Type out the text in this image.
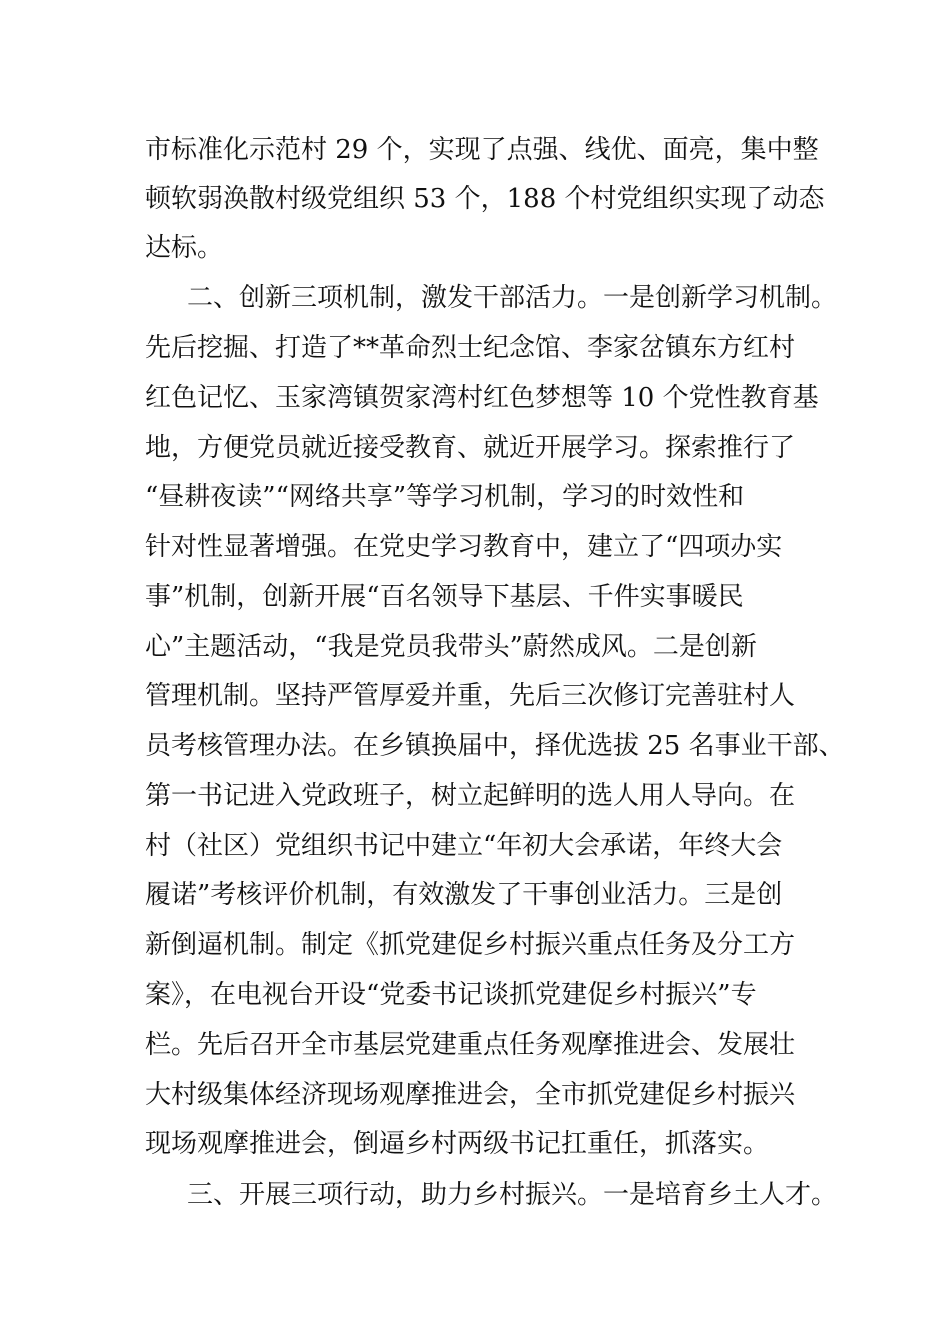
市标准化示范村 29 个，实现了点强、线优、面亮，集中整
顿软弱涣散村级党组织 53 个，188 个村党组织实现了动态
达标。
二、创新三项机制，激发干部活力。一是创新学习机制。
先后挖掘、打造了**革命烈士纪念馆、李家岔镇东方红村
红色记忆、玉家湾镇贺家湾村红色梦想等 10 个党性教育基
地，方便党员就近接受教育、就近开展学习。探索推行了
“昼耕夜读”“网络共享”等学习机制，学习的时效性和
针对性显著增强。在党史学习教育中，建立了“四项办实
事”机制，创新开展“百名领导下基层、千件实事暖民
心”主题活动，“我是党员我带头”蔚然成风。二是创新
管理机制。坚持严管厚爱并重，先后三次修订完善驻村人
员考核管理办法。在乡镇换届中，择优选拔 25 名事业干部、
第一书记进入党政班子，树立起鲜明的选人用人导向。在
村（社区）党组织书记中建立“年初大会承诺，年终大会
履诺”考核评价机制，有效激发了干事创业活力。三是创
新倒逼机制。制定《抓党建促乡村振兴重点任务及分工方
案》，在电视台开设“党委书记谈抓党建促乡村振兴”专
栏。先后召开全市基层党建重点任务观摩推进会、发展壮
大村级集体经济现场观摩推进会，全市抓党建促乡村振兴
现场观摩推进会，倒逼乡村两级书记扛重任，抓落实。
三、开展三项行动，助力乡村振兴。一是培育乡土人才。
